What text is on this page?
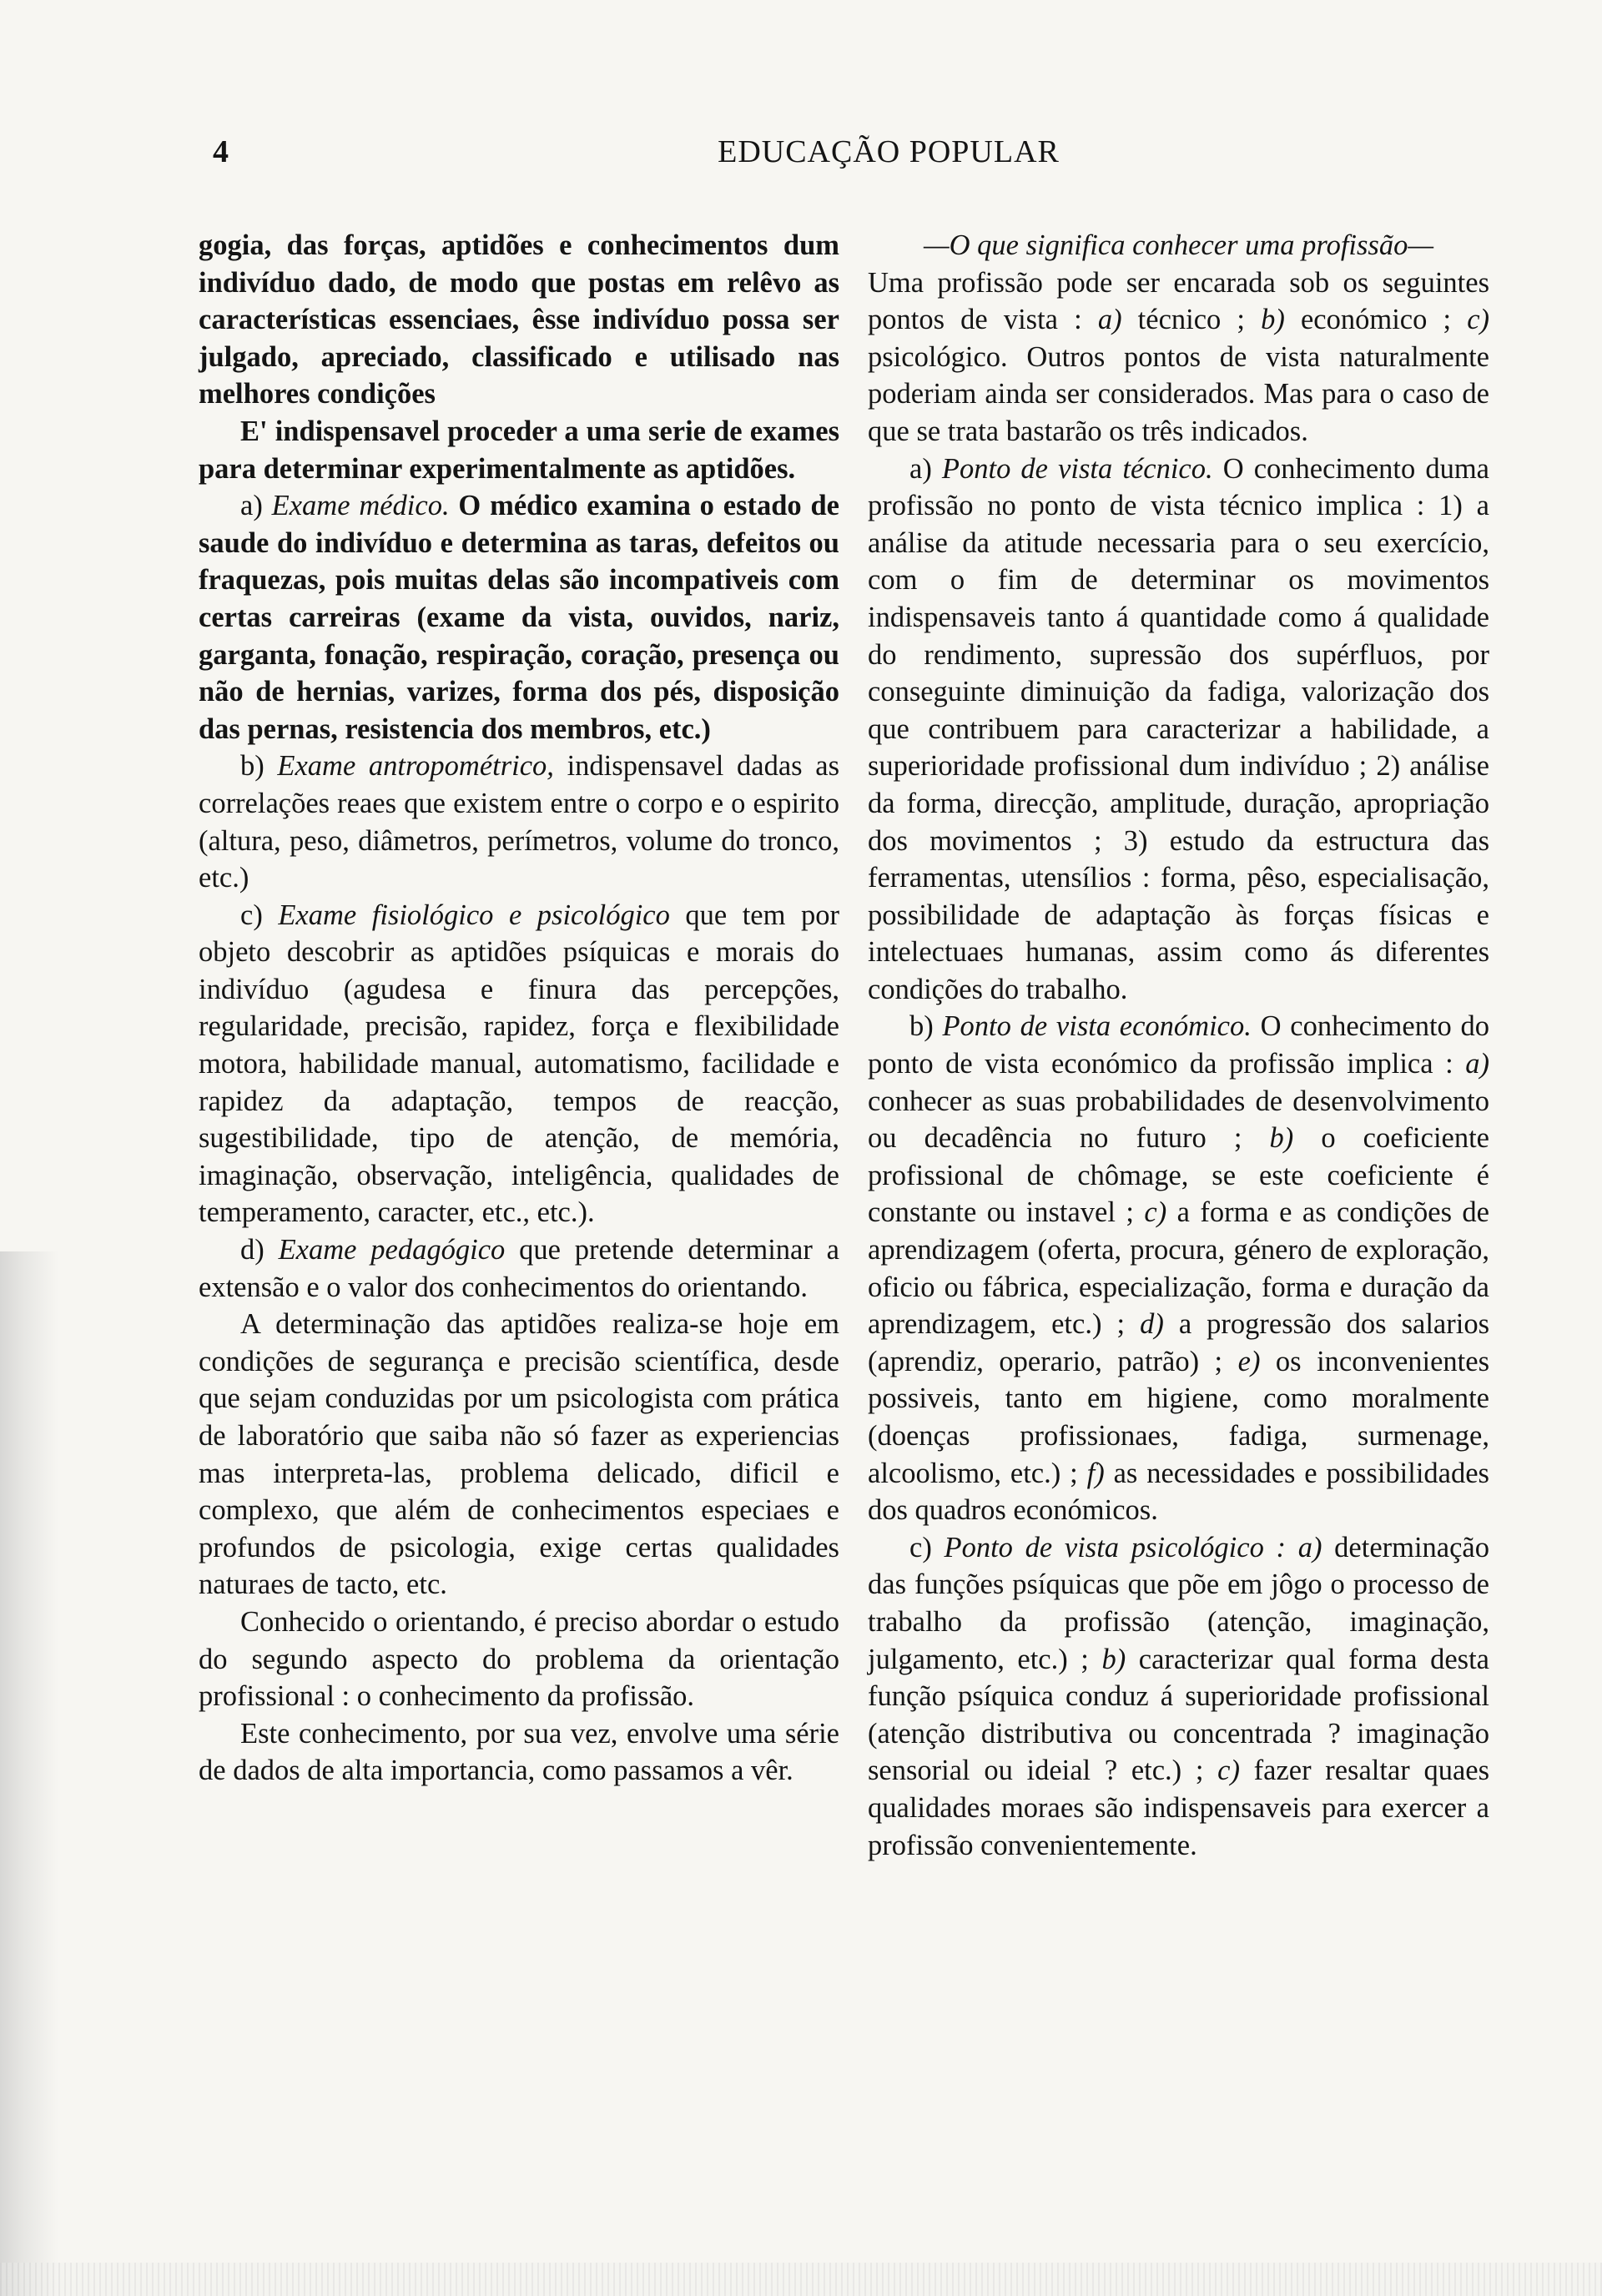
4	EDUCAÇÃO POPULAR

gogia, das forças, aptidões e conhecimentos dum indivíduo dado, de modo que postas em relêvo as características essenciaes, êsse indivíduo possa ser julgado, apreciado, classificado e utilisado nas melhores condições

E' indispensavel proceder a uma serie de exames para determinar experimentalmente as aptidões.

a) Exame médico. O médico examina o estado de saude do indivíduo e determina as taras, defeitos ou fraquezas, pois muitas delas são incompativeis com certas carreiras (exame da vista, ouvidos, nariz, garganta, fonação, respiração, coração, presença ou não de hernias, varizes, forma dos pés, disposição das pernas, resistencia dos membros, etc.)

b) Exame antropométrico, indispensavel dadas as correlações reaes que existem entre o corpo e o espirito (altura, peso, diâmetros, perímetros, volume do tronco, etc.)

c) Exame fisiológico e psicológico que tem por objeto descobrir as aptidões psíquicas e morais do indivíduo (agudesa e finura das percepções, regularidade, precisão, rapidez, força e flexibilidade motora, habilidade manual, automatismo, facilidade e rapidez da adaptação, tempos de reacção, sugestibilidade, tipo de atenção, de memória, imaginação, observação, inteligência, qualidades de temperamento, caracter, etc., etc.).

d) Exame pedagógico que pretende determinar a extensão e o valor dos conhecimentos do orientando.

A determinação das aptidões realiza-se hoje em condições de segurança e precisão scientífica, desde que sejam conduzidas por um psicologista com prática de laboratório que saiba não só fazer as experiencias mas interpreta-las, problema delicado, dificil e complexo, que além de conhecimentos especiaes e profundos de psicologia, exige certas qualidades naturaes de tacto, etc.

Conhecido o orientando, é preciso abordar o estudo do segundo aspecto do problema da orientação profissional : o conhecimento da profissão.

Este conhecimento, por sua vez, envolve uma série de dados de alta importancia, como passamos a vêr.

—O que significa conhecer uma profissão—

Uma profissão pode ser encarada sob os seguintes pontos de vista : a) técnico ; b) económico ; c) psicológico. Outros pontos de vista naturalmente poderiam ainda ser considerados. Mas para o caso de que se trata bastarão os três indicados.

a) Ponto de vista técnico. O conhecimento duma profissão no ponto de vista técnico implica : 1) a análise da atitude necessaria para o seu exercício, com o fim de determinar os movimentos indispensaveis tanto á quantidade como á qualidade do rendimento, supressão dos supérfluos, por conseguinte diminuição da fadiga, valorização dos que contribuem para caracterizar a habilidade, a superioridade profissional dum indivíduo ; 2) análise da forma, direcção, amplitude, duração, apropriação dos movimentos ; 3) estudo da estructura das ferramentas, utensílios : forma, pêso, especialisação, possibilidade de adaptação às forças físicas e intelectuaes humanas, assim como ás diferentes condições do trabalho.

b) Ponto de vista económico. O conhecimento do ponto de vista económico da profissão implica : a) conhecer as suas probabilidades de desenvolvimento ou decadência no futuro ; b) o coeficiente profissional de chômage, se este coeficiente é constante ou instavel ; c) a forma e as condições de aprendizagem (oferta, procura, género de exploração, oficio ou fábrica, especialização, forma e duração da aprendizagem, etc.) ; d) a progressão dos salarios (aprendiz, operario, patrão) ; e) os inconvenientes possiveis, tanto em higiene, como moralmente (doenças profissionaes, fadiga, surmenage, alcoolismo, etc.) ; f) as necessidades e possibilidades dos quadros económicos.

c) Ponto de vista psicológico : a) determinação das funções psíquicas que põe em jôgo o processo de trabalho da profissão (atenção, imaginação, julgamento, etc.) ; b) caracterizar qual forma desta função psíquica conduz á superioridade profissional (atenção distributiva ou concentrada ? imaginação sensorial ou ideial ? etc.) ; c) fazer resaltar quaes qualidades moraes são indispensaveis para exercer a profissão convenientemente.
